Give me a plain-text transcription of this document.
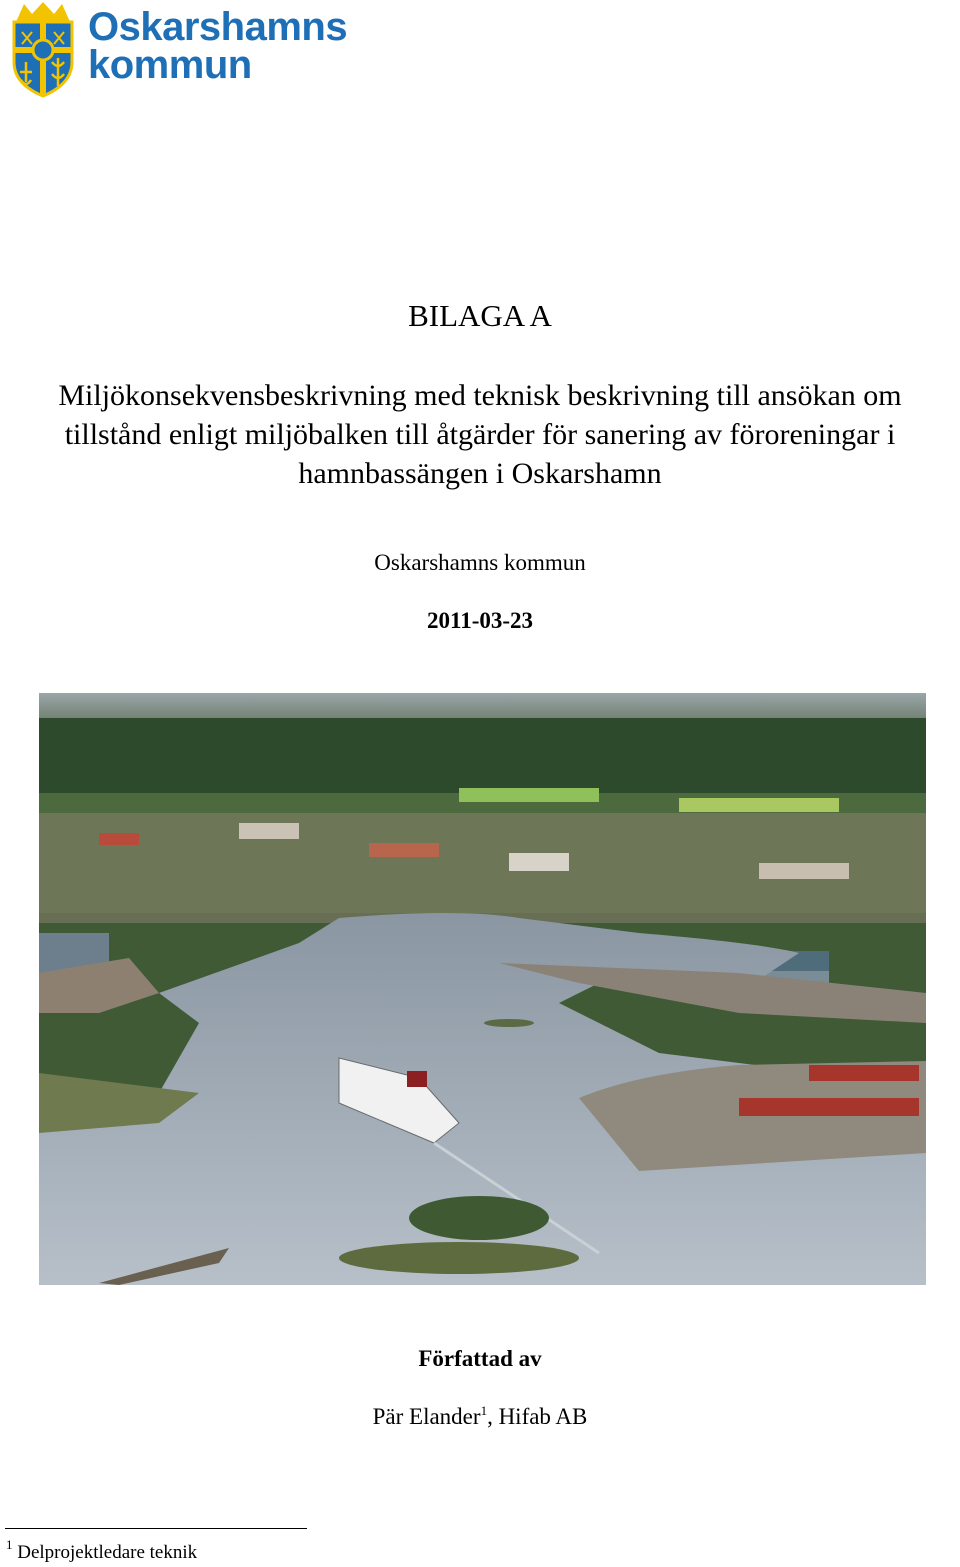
Oskarshamns
kommun
BILAGA A
Miljökonsekvensbeskrivning med teknisk beskrivning till ansökan om
tillstånd enligt miljöbalken till åtgärder för sanering av föroreningar i
hamnbassängen i Oskarshamn
Oskarshamns kommun
2011-03-23
Författad av
Pär Elander$^1$, Hifab AB
$^1$ Delprojektledare teknik
